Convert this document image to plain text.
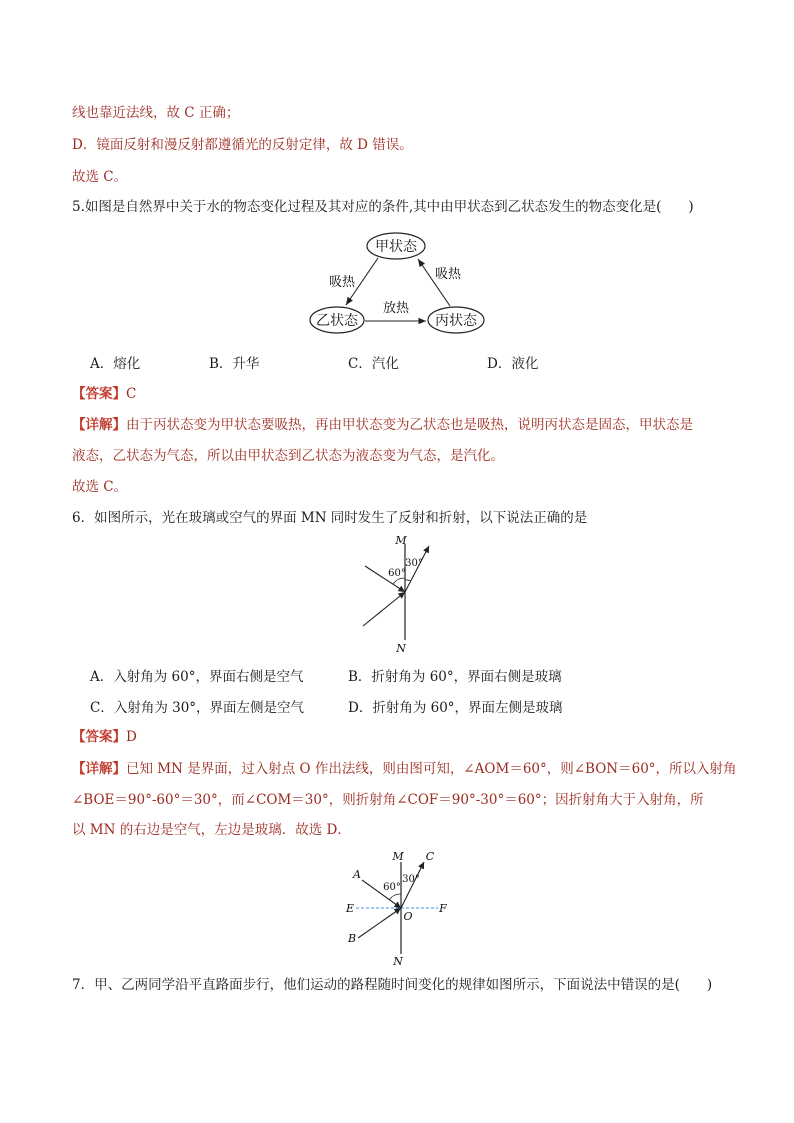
线也靠近法线，故 C 正确；
D．镜面反射和漫反射都遵循光的反射定律，故 D 错误。
故选 C。
5.如图是自然界中关于水的物态变化过程及其对应的条件,其中由甲状态到乙状态发生的物态变化是(　　)
甲状态
乙状态	丙状态
吸热
吸热
放热
A．熔化	B．升华	C．汽化	D．液化
【答案】C
【详解】由于丙状态变为甲状态要吸热，再由甲状态变为乙状态也是吸热，说明丙状态是固态，甲状态是
液态，乙状态为气态，所以由甲状态到乙状态为液态变为气态，是汽化。
故选 C。
6．如图所示，光在玻璃或空气的界面 MN 同时发生了反射和折射，以下说法正确的是
M
N
60°
30°
A．入射角为 60°，界面右侧是空气	B．折射角为 60°，界面右侧是玻璃
C．入射角为 30°，界面左侧是空气	D．折射角为 60°，界面左侧是玻璃
【答案】D
【详解】已知 MN 是界面，过入射点 O 作出法线，则由图可知，∠AOM＝60°，则∠BON＝60°，所以入射角
∠BOE＝90°-60°＝30°，而∠COM＝30°，则折射角∠COF＝90°-30°＝60°；因折射角大于入射角，所
以 MN 的右边是空气，左边是玻璃．故选 D．
M
N
C
A
B
E	F
O
60°
30°
7．甲、乙两同学沿平直路面步行，他们运动的路程随时间变化的规律如图所示，下面说法中错误的是(　　)
